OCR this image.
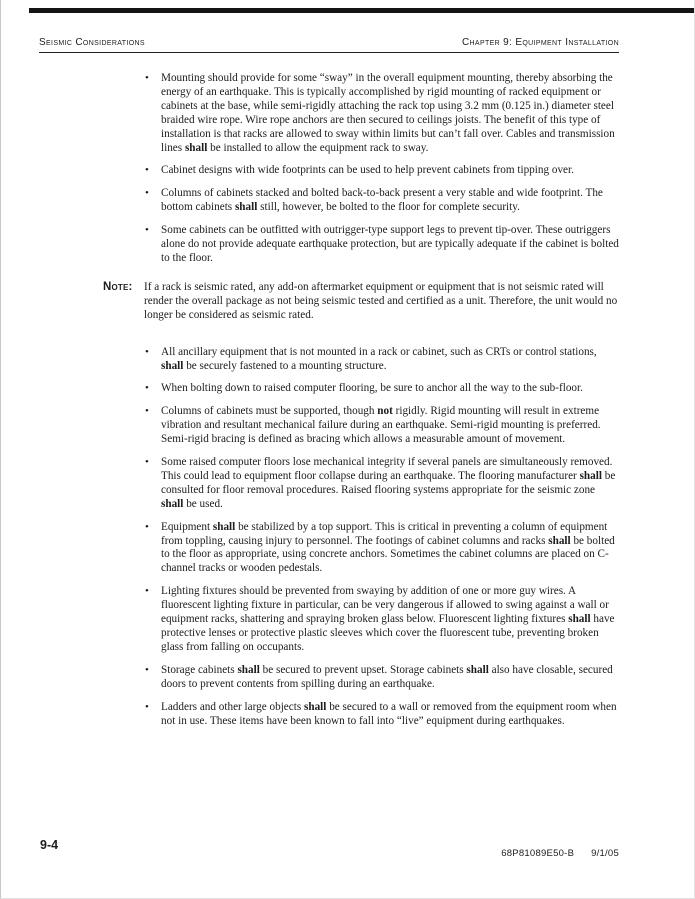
Seismic Considerations	Chapter 9: Equipment Installation
• Mounting should provide for some “sway” in the overall equipment mounting, thereby absorbing the energy of an earthquake. This is typically accomplished by rigid mounting of racked equipment or cabinets at the base, while semi-rigidly attaching the rack top using 3.2 mm (0.125 in.) diameter steel braided wire rope. Wire rope anchors are then secured to ceilings joists. The benefit of this type of installation is that racks are allowed to sway within limits but can’t fall over. Cables and transmission lines shall be installed to allow the equipment rack to sway.
• Cabinet designs with wide footprints can be used to help prevent cabinets from tipping over.
• Columns of cabinets stacked and bolted back-to-back present a very stable and wide footprint. The bottom cabinets shall still, however, be bolted to the floor for complete security.
• Some cabinets can be outfitted with outrigger-type support legs to prevent tip-over. These outriggers alone do not provide adequate earthquake protection, but are typically adequate if the cabinet is bolted to the floor.
Note:	If a rack is seismic rated, any add-on aftermarket equipment or equipment that is not seismic rated will render the overall package as not being seismic tested and certified as a unit. Therefore, the unit would no longer be considered as seismic rated.
• All ancillary equipment that is not mounted in a rack or cabinet, such as CRTs or control stations, shall be securely fastened to a mounting structure.
• When bolting down to raised computer flooring, be sure to anchor all the way to the sub-floor.
• Columns of cabinets must be supported, though not rigidly. Rigid mounting will result in extreme vibration and resultant mechanical failure during an earthquake. Semi-rigid mounting is preferred. Semi-rigid bracing is defined as bracing which allows a measurable amount of movement.
• Some raised computer floors lose mechanical integrity if several panels are simultaneously removed. This could lead to equipment floor collapse during an earthquake. The flooring manufacturer shall be consulted for floor removal procedures. Raised flooring systems appropriate for the seismic zone shall be used.
• Equipment shall be stabilized by a top support. This is critical in preventing a column of equipment from toppling, causing injury to personnel. The footings of cabinet columns and racks shall be bolted to the floor as appropriate, using concrete anchors. Sometimes the cabinet columns are placed on C-channel tracks or wooden pedestals.
• Lighting fixtures should be prevented from swaying by addition of one or more guy wires. A fluorescent lighting fixture in particular, can be very dangerous if allowed to swing against a wall or equipment racks, shattering and spraying broken glass below. Fluorescent lighting fixtures shall have protective lenses or protective plastic sleeves which cover the fluorescent tube, preventing broken glass from falling on occupants.
• Storage cabinets shall be secured to prevent upset. Storage cabinets shall also have closable, secured doors to prevent contents from spilling during an earthquake.
• Ladders and other large objects shall be secured to a wall or removed from the equipment room when not in use. These items have been known to fall into “live” equipment during earthquakes.
9-4
68P81089E50-B 9/1/05
